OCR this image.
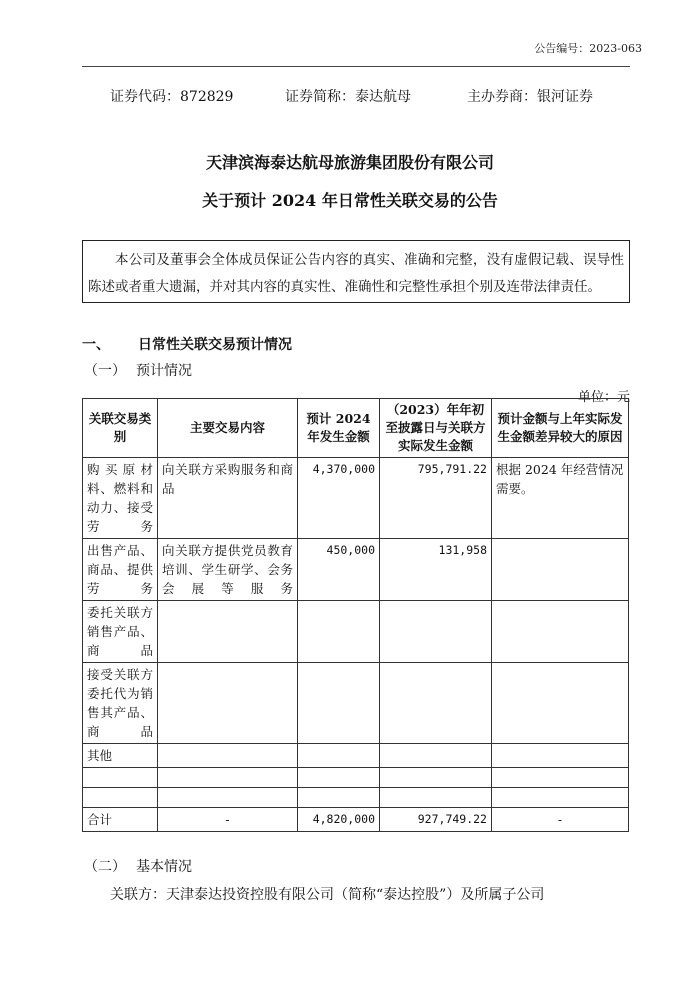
公告编号：2023-063
证券代码：872829	证券简称：泰达航母	主办券商：银河证券
天津滨海泰达航母旅游集团股份有限公司
关于预计 2024 年日常性关联交易的公告
本公司及董事会全体成员保证公告内容的真实、准确和完整，没有虚假记载、误导性陈述或者重大遗漏，并对其内容的真实性、准确性和完整性承担个别及连带法律责任。
一、 日常性关联交易预计情况
（一） 预计情况
单位：元
关联交易类别	主要交易内容	预计 2024 年发生金额	（2023）年年初至披露日与关联方实际发生金额	预计金额与上年实际发生金额差异较大的原因
购买原材料、燃料和动力、接受劳务	向关联方采购服务和商品	4,370,000	795,791.22	根据 2024 年经营情况需要。
出售产品、商品、提供劳务	向关联方提供党员教育培训、学生研学、会务会展等服务	450,000	131,958	
委托关联方销售产品、商品				
接受关联方委托代为销售其产品、商品				
其他				

合计	-	4,820,000	927,749.22	-
（二） 基本情况
关联方：天津泰达投资控股有限公司（简称“泰达控股”）及所属子公司
